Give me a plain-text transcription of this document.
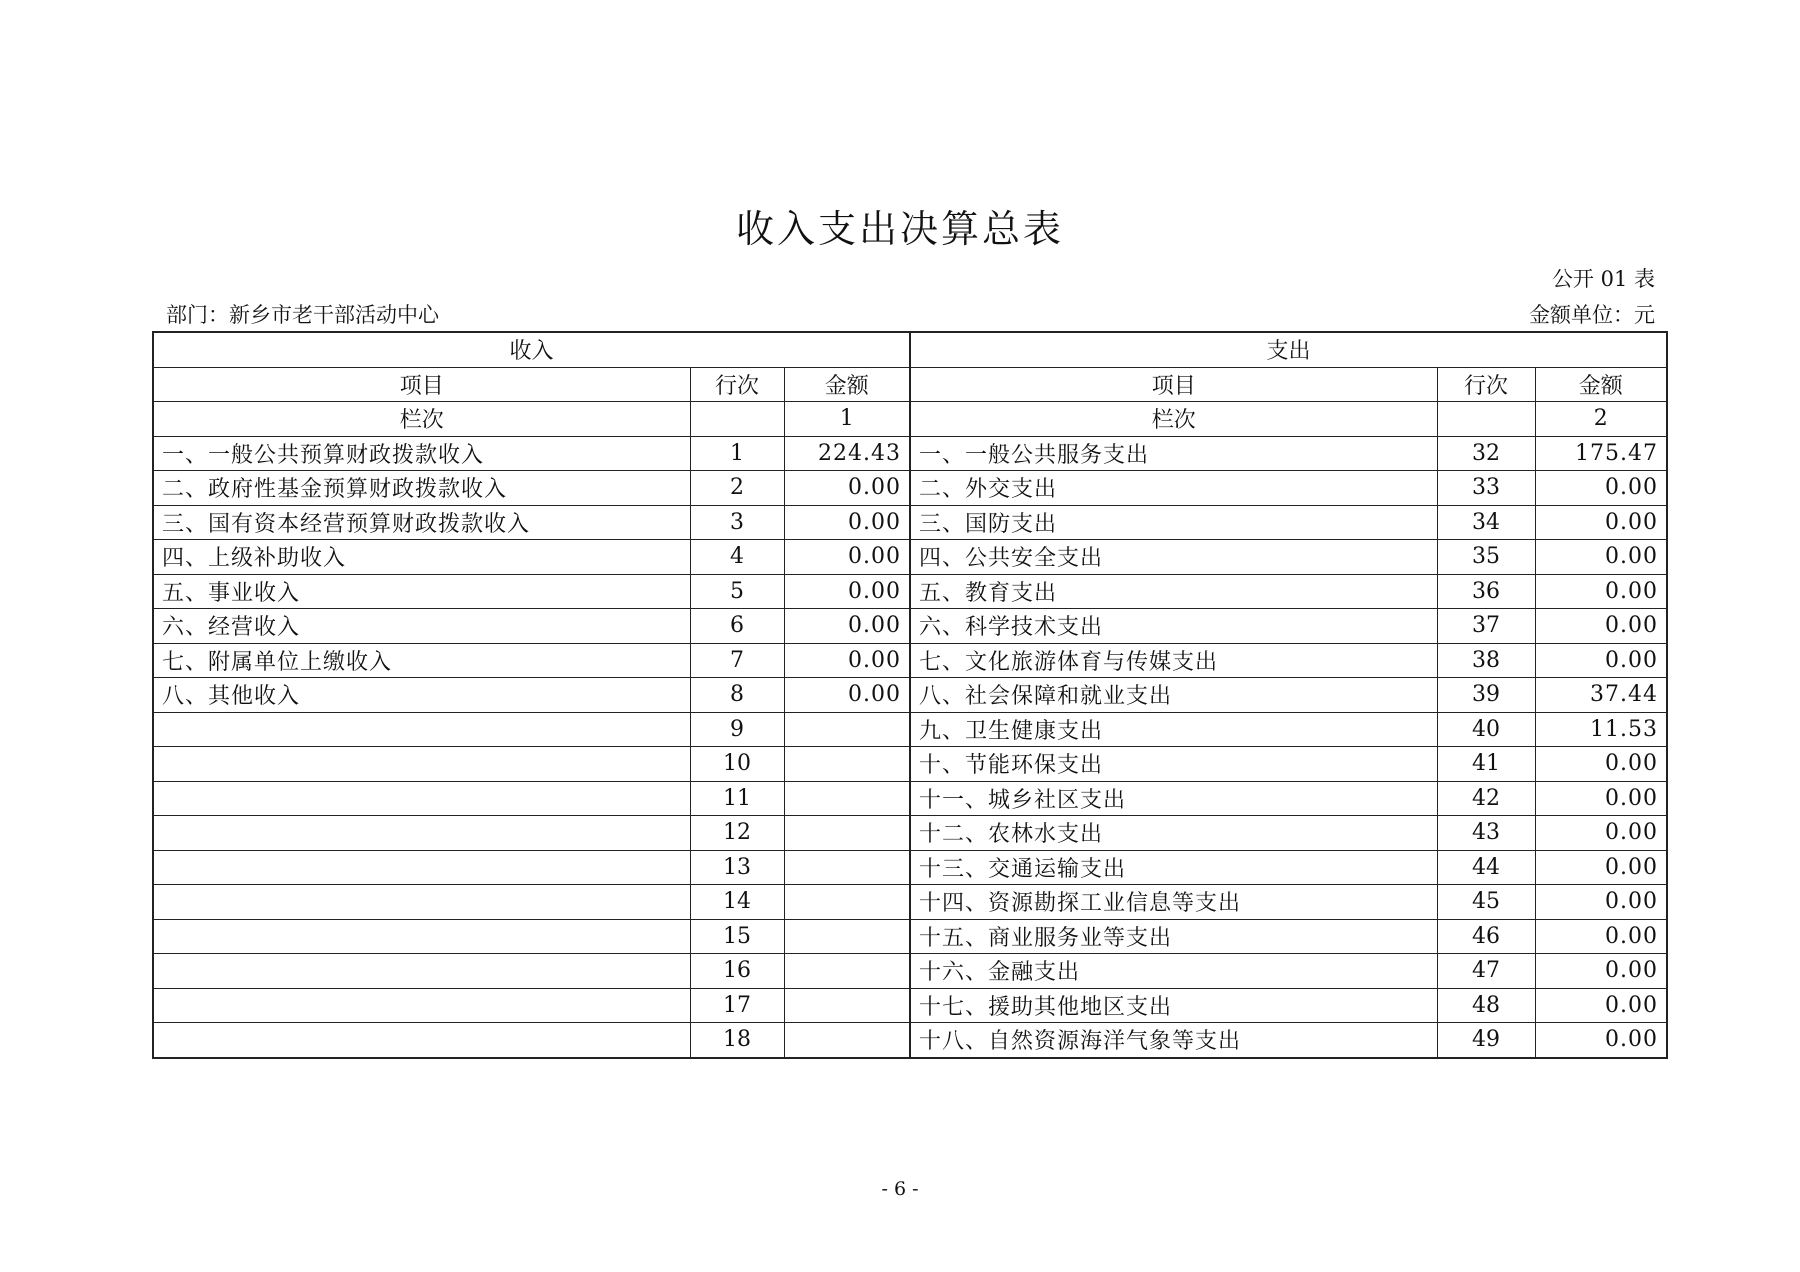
收入支出决算总表
公开 01 表
部门：新乡市老干部活动中心	金额单位：元
收入			支出		
项目	行次	金额	项目	行次	金额
栏次		1	栏次		2
一、一般公共预算财政拨款收入	1	224.43	一、一般公共服务支出	32	175.47
二、政府性基金预算财政拨款收入	2	0.00	二、外交支出	33	0.00
三、国有资本经营预算财政拨款收入	3	0.00	三、国防支出	34	0.00
四、上级补助收入	4	0.00	四、公共安全支出	35	0.00
五、事业收入	5	0.00	五、教育支出	36	0.00
六、经营收入	6	0.00	六、科学技术支出	37	0.00
七、附属单位上缴收入	7	0.00	七、文化旅游体育与传媒支出	38	0.00
八、其他收入	8	0.00	八、社会保障和就业支出	39	37.44
	9		九、卫生健康支出	40	11.53
	10		十、节能环保支出	41	0.00
	11		十一、城乡社区支出	42	0.00
	12		十二、农林水支出	43	0.00
	13		十三、交通运输支出	44	0.00
	14		十四、资源勘探工业信息等支出	45	0.00
	15		十五、商业服务业等支出	46	0.00
	16		十六、金融支出	47	0.00
	17		十七、援助其他地区支出	48	0.00
	18		十八、自然资源海洋气象等支出	49	0.00
- 6 -
